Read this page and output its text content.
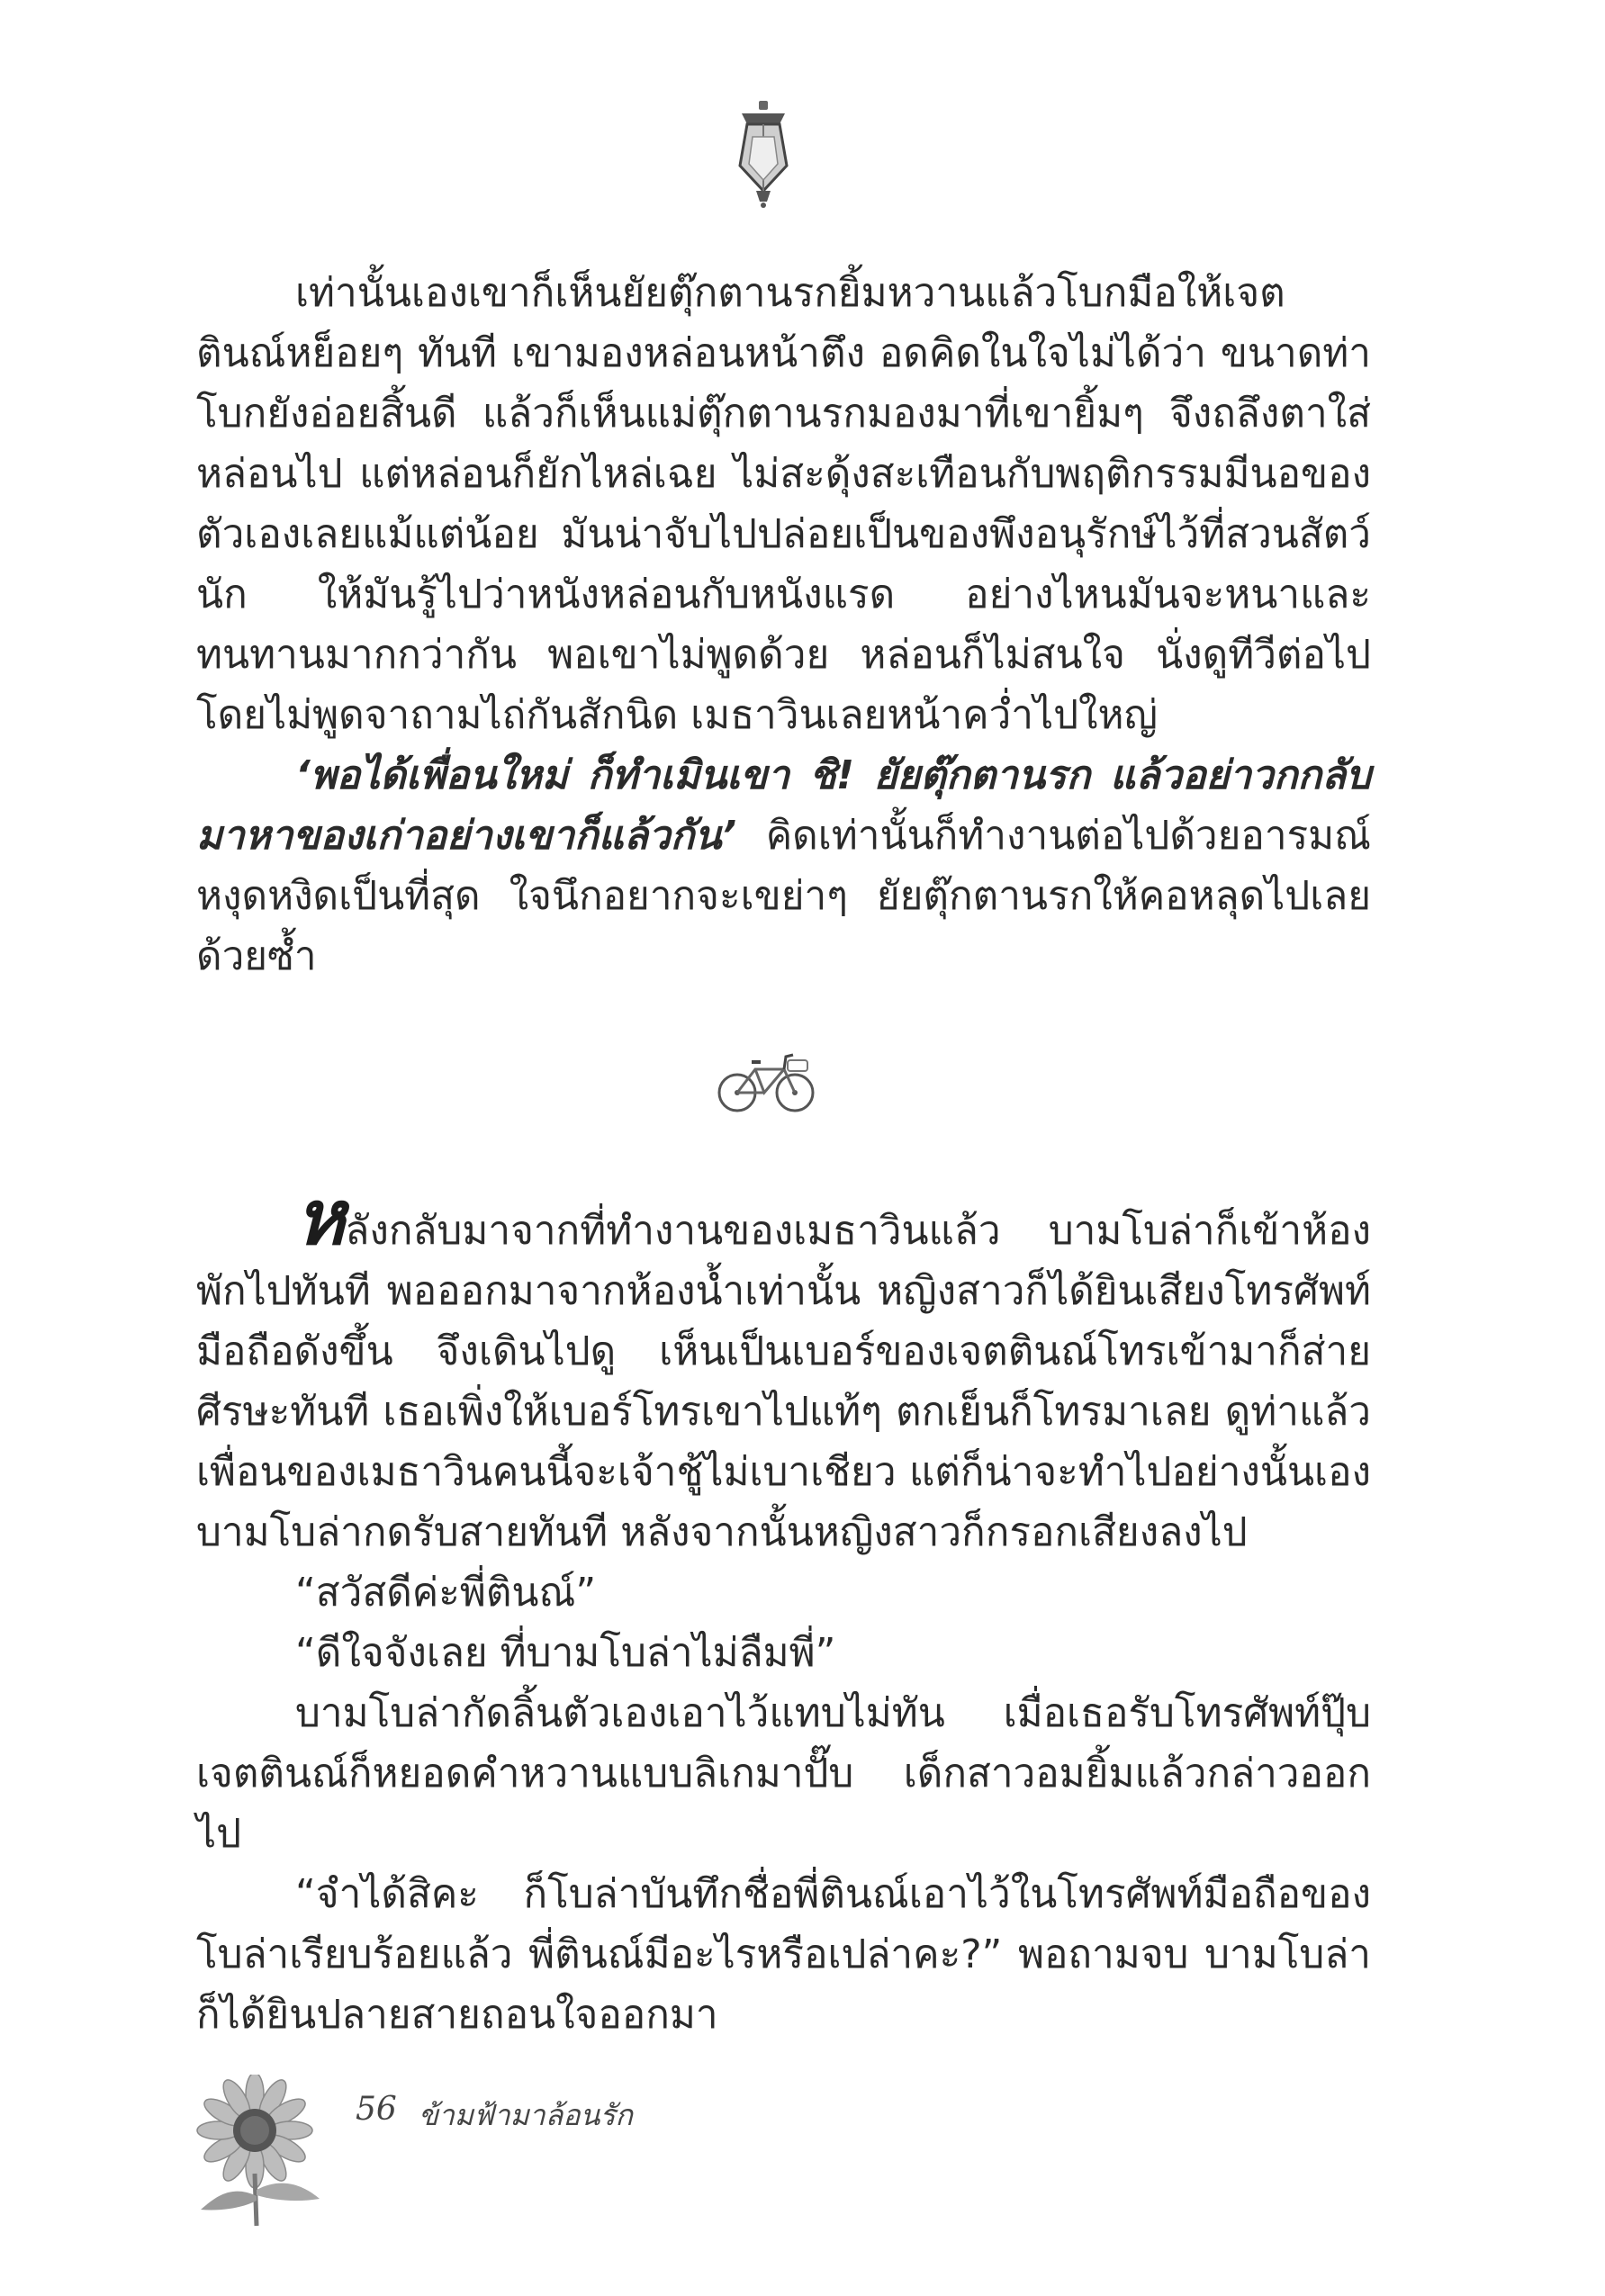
เท่านั้นเองเขาก็เห็นยัยตุ๊กตานรกยิ้มหวานแล้วโบกมือให้เจตตินณ์หย็อยๆ ทันที เขามองหล่อนหน้าตึง อดคิดในใจไม่ได้ว่า ขนาดท่าโบกยังอ่อยสิ้นดี แล้วก็เห็นแม่ตุ๊กตานรกมองมาที่เขายิ้มๆ จึงถลึงตาใส่หล่อนไป แต่หล่อนก็ยักไหล่เฉย ไม่สะดุ้งสะเทือนกับพฤติกรรมมีนอของตัวเองเลยแม้แต่น้อย มันน่าจับไปปล่อยเป็นของพึงอนุรักษ์ไว้ที่สวนสัตว์นัก ให้มันรู้ไปว่าหนังหล่อนกับหนังแรด อย่างไหนมันจะหนาและทนทานมากกว่ากัน พอเขาไม่พูดด้วย หล่อนก็ไม่สนใจ นั่งดูทีวีต่อไปโดยไม่พูดจาถามไถ่กันสักนิด เมธาวินเลยหน้าคว่ำไปใหญ่

‘พอได้เพื่อนใหม่ ก็ทำเมินเขา ชิ! ยัยตุ๊กตานรก แล้วอย่าวกกลับมาหาของเก่าอย่างเขาก็แล้วกัน’ คิดเท่านั้นก็ทำงานต่อไปด้วยอารมณ์หงุดหงิดเป็นที่สุด ใจนึกอยากจะเขย่าๆ ยัยตุ๊กตานรกให้คอหลุดไปเลยด้วยซ้ำ

หลังกลับมาจากที่ทำงานของเมธาวินแล้ว บามโบล่าก็เข้าห้องพักไปทันที พอออกมาจากห้องน้ำเท่านั้น หญิงสาวก็ได้ยินเสียงโทรศัพท์มือถือดังขึ้น จึงเดินไปดู เห็นเป็นเบอร์ของเจตตินณ์โทรเข้ามาก็ส่ายศีรษะทันที เธอเพิ่งให้เบอร์โทรเขาไปแท้ๆ ตกเย็นก็โทรมาเลย ดูท่าแล้วเพื่อนของเมธาวินคนนี้จะเจ้าชู้ไม่เบาเชียว แต่ก็น่าจะทำไปอย่างนั้นเอง บามโบล่ากดรับสายทันที หลังจากนั้นหญิงสาวก็กรอกเสียงลงไป

“สวัสดีค่ะพี่ตินณ์”

“ดีใจจังเลย ที่บามโบล่าไม่ลืมพี่”

บามโบล่ากัดลิ้นตัวเองเอาไว้แทบไม่ทัน เมื่อเธอรับโทรศัพท์ปุ๊บ เจตตินณ์ก็หยอดคำหวานแบบลิเกมาปั๊บ เด็กสาวอมยิ้มแล้วกล่าวออกไป

“จำได้สิคะ ก็โบล่าบันทึกชื่อพี่ตินณ์เอาไว้ในโทรศัพท์มือถือของโบล่าเรียบร้อยแล้ว พี่ตินณ์มีอะไรหรือเปล่าคะ?” พอถามจบ บามโบล่าก็ได้ยินปลายสายถอนใจออกมา

56 ข้ามฟ้ามาล้อนรัก
